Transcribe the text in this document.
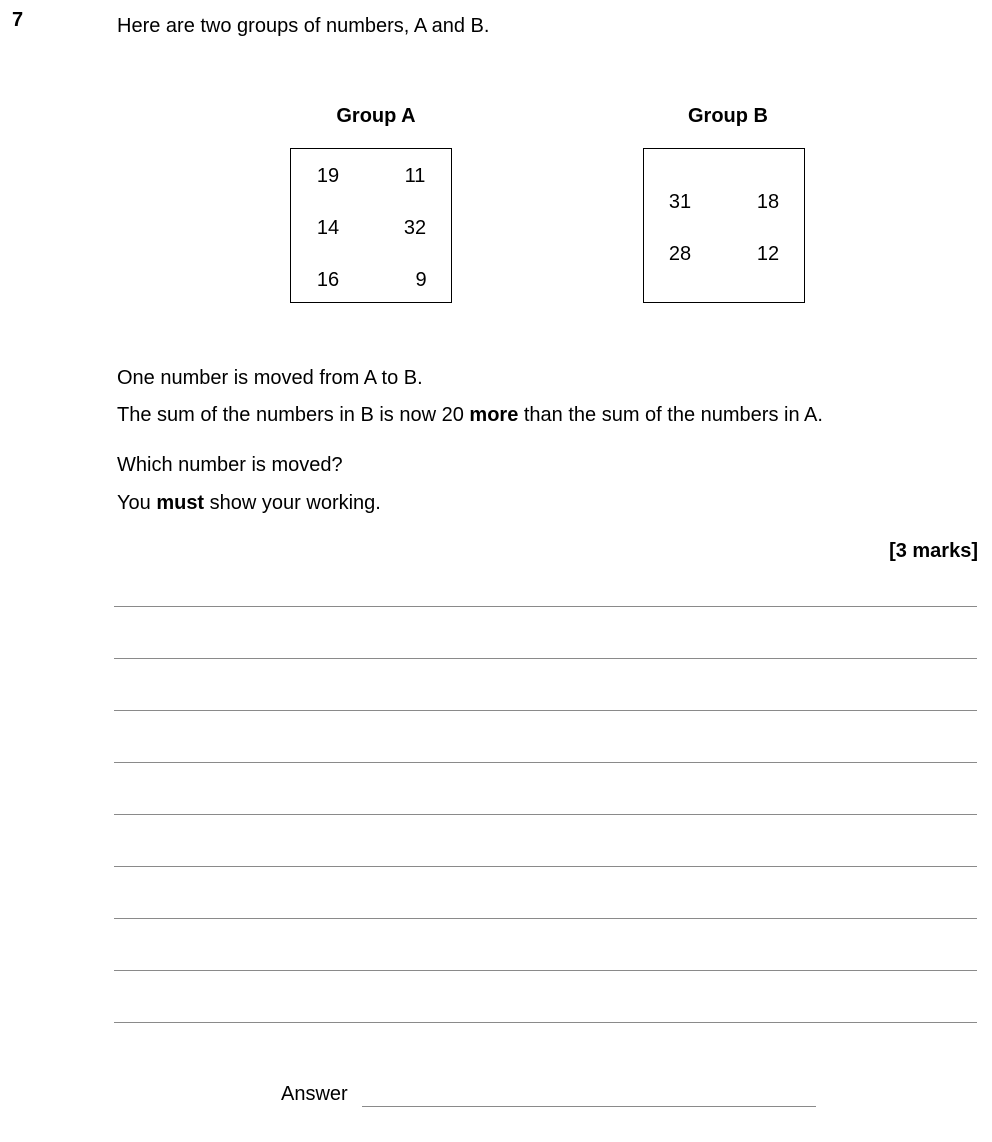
7	Here are two groups of numbers, A and B.
Group A
19	11
14	32
16	9
Group B
31	18
28	12
One number is moved from A to B.
The sum of the numbers in B is now 20 more than the sum of the numbers in A.
Which number is moved?
You must show your working.
[3 marks]
Answer
